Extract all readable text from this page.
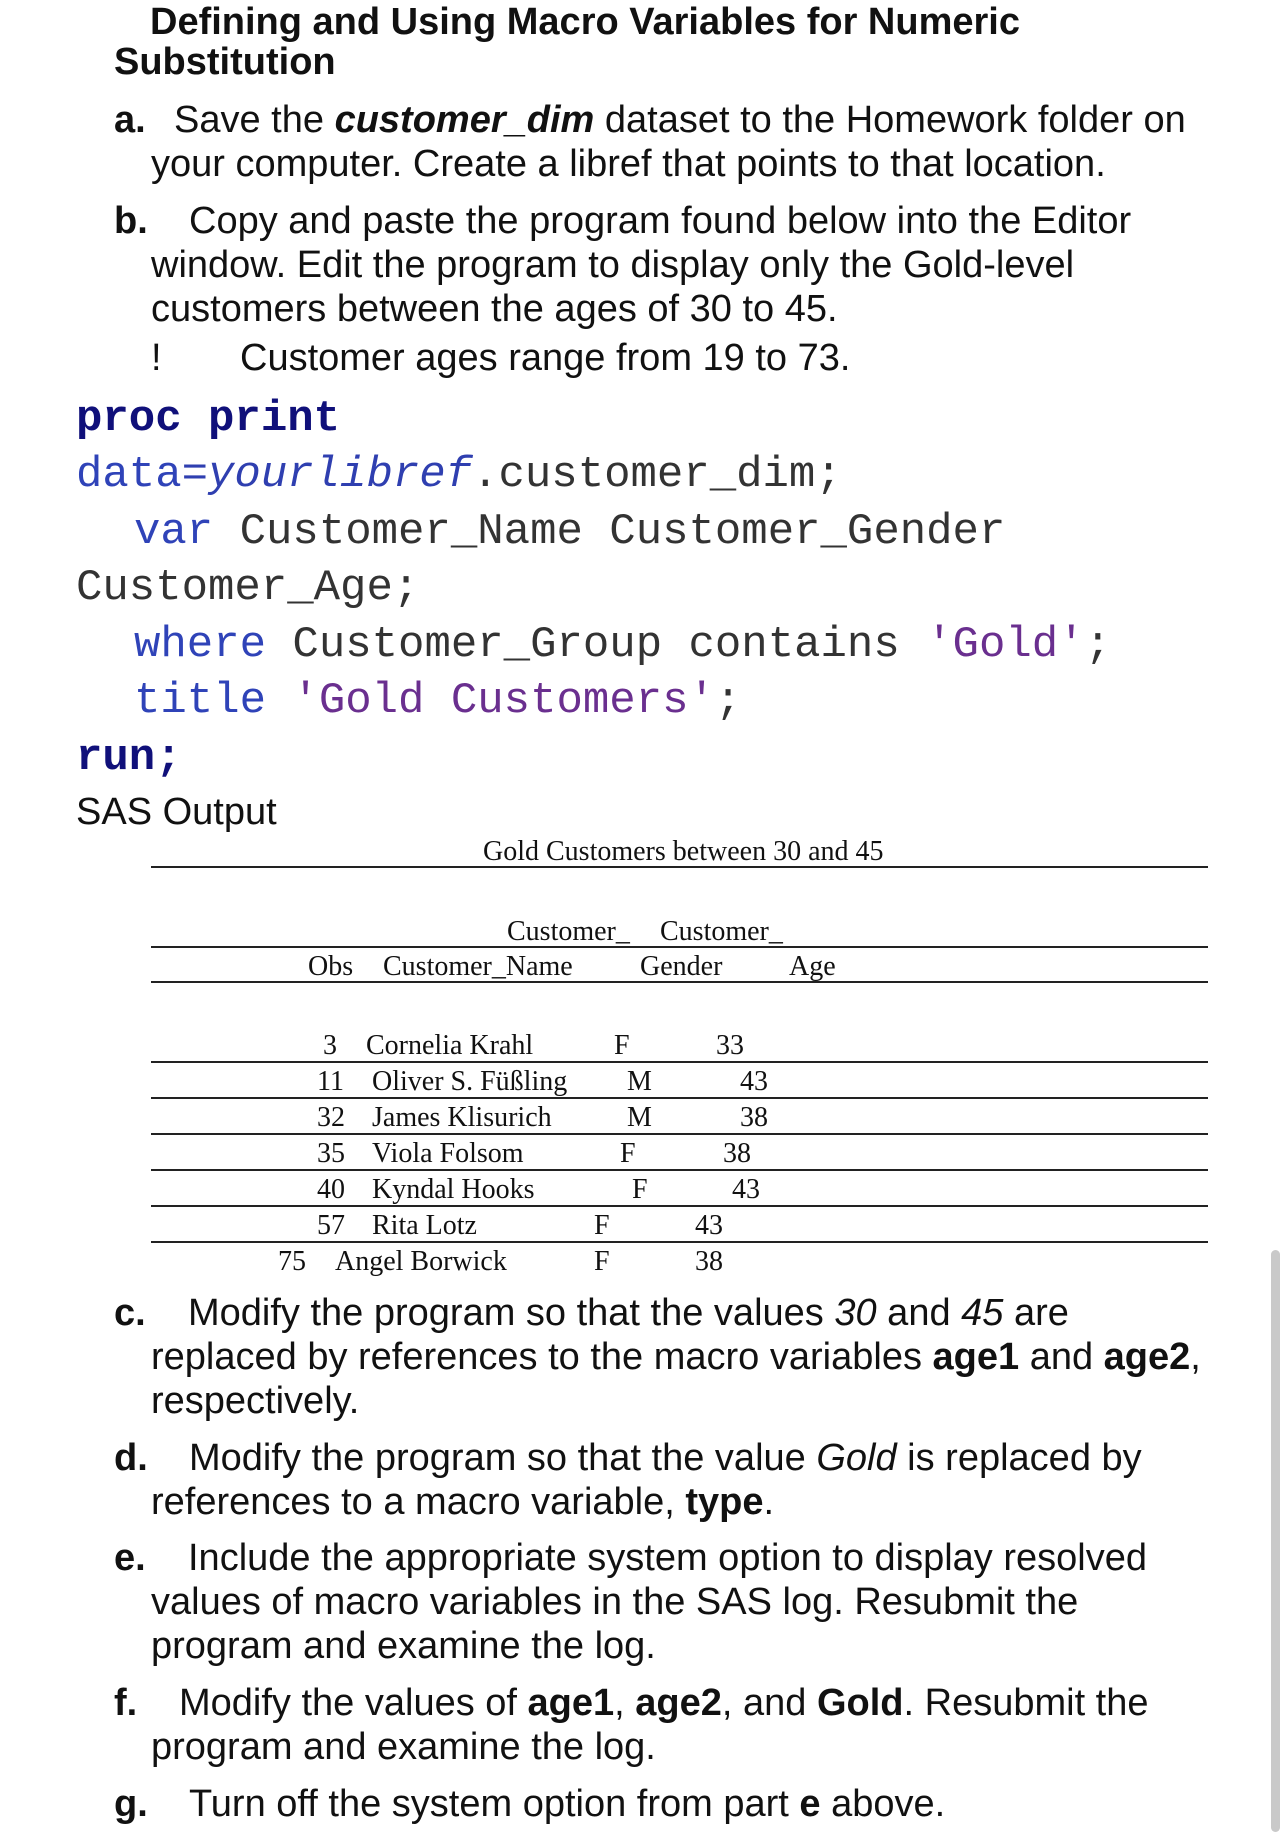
Defining and Using Macro Variables for Numeric
Substitution
a. Save the customer_dim dataset to the Homework folder on
your computer. Create a libref that points to that location.
b. Copy and paste the program found below into the Editor
window. Edit the program to display only the Gold-level
customers between the ages of 30 to 45.
! Customer ages range from 19 to 73.
proc print
data=yourlibref.customer_dim;
var Customer_Name Customer_Gender
Customer_Age;
where Customer_Group contains 'Gold';
title 'Gold Customers';
run;
SAS Output
Gold Customers between 30 and 45
Customer_ Customer_
Obs Customer_Name Gender Age
3 Cornelia Krahl	F	33
11 Oliver S. Füßling M	43
32 James Klisurich	M	38
35 Viola Folsom	F	38
40 Kyndal Hooks	F	43
57 Rita Lotz	F	43
75 Angel Borwick	F	38
c. Modify the program so that the values 30 and 45 are
replaced by references to the macro variables age1 and age2,
respectively.
d. Modify the program so that the value Gold is replaced by
references to a macro variable, type.
e. Include the appropriate system option to display resolved
values of macro variables in the SAS log. Resubmit the
program and examine the log.
f. Modify the values of age1, age2, and Gold. Resubmit the
program and examine the log.
g. Turn off the system option from part e above.
